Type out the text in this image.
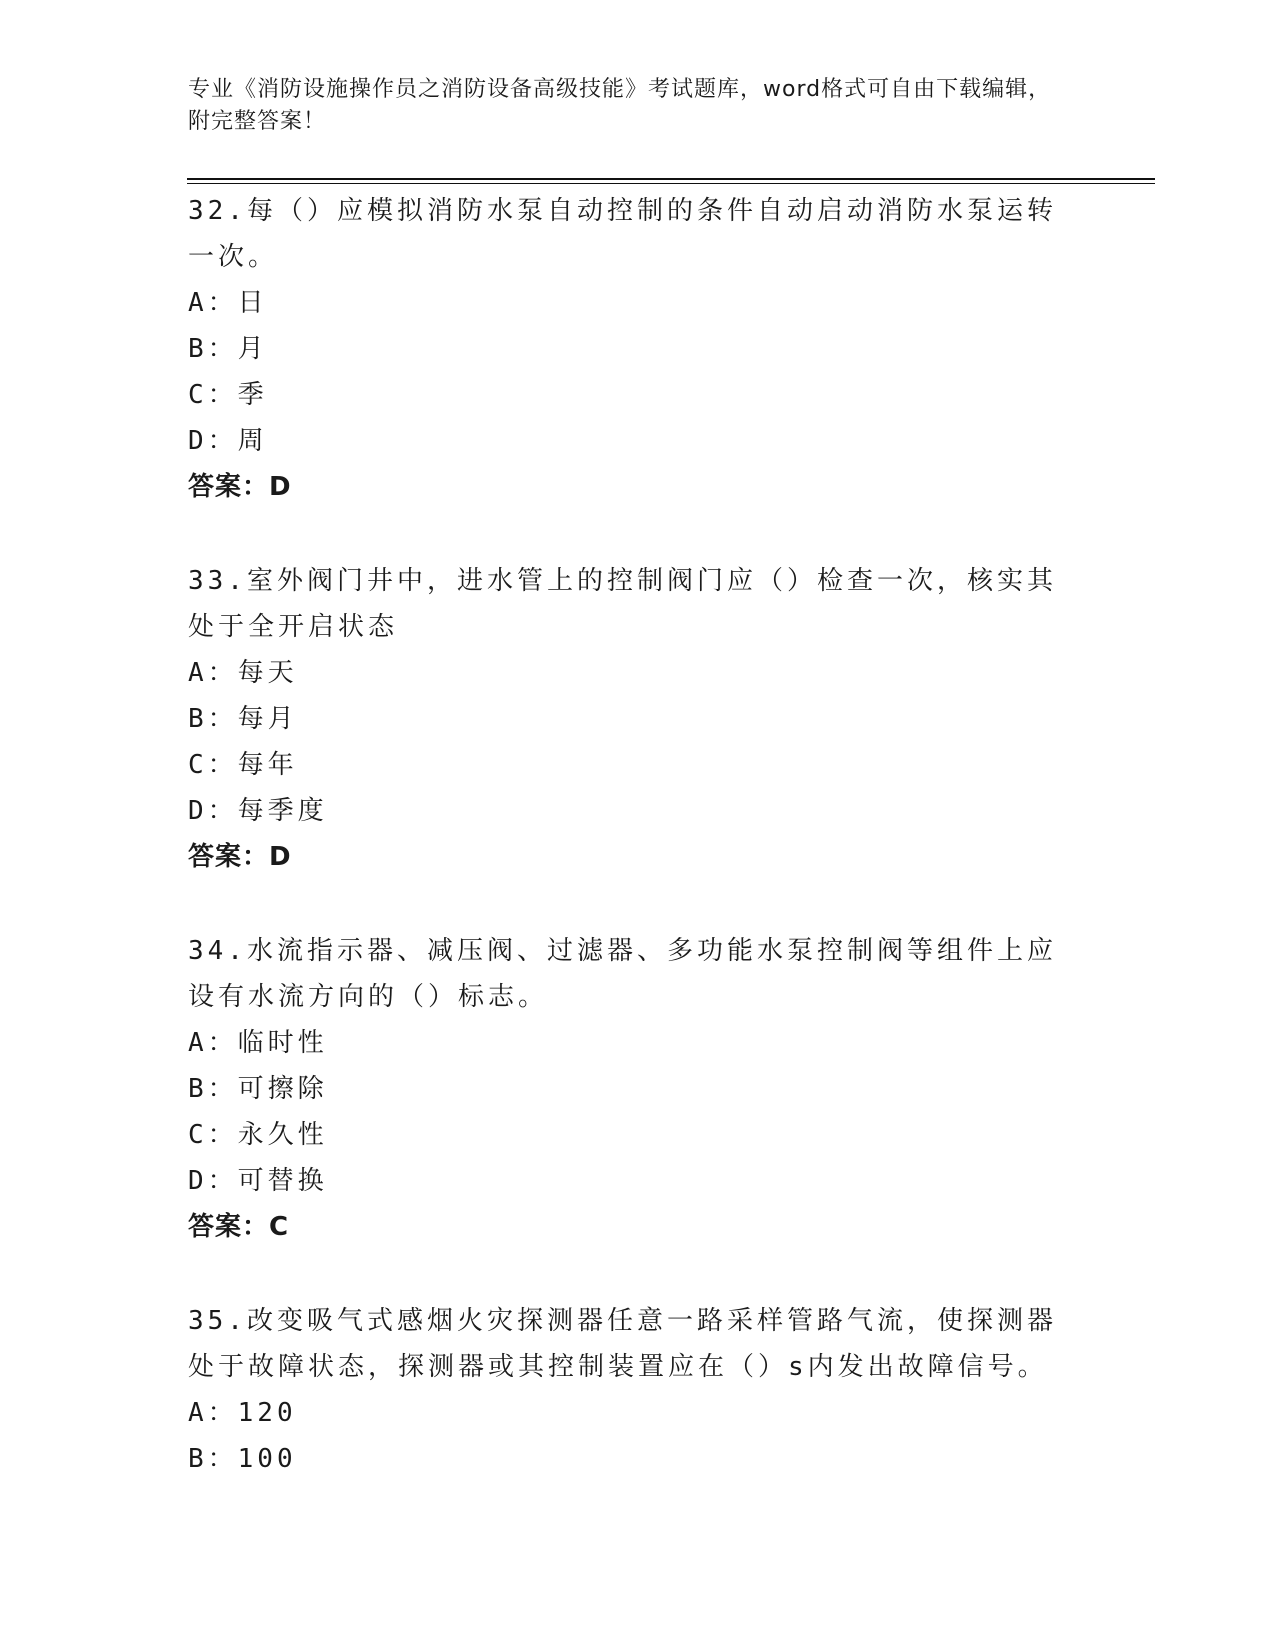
专业《消防设施操作员之消防设备高级技能》考试题库，word格式可自由下载编辑，附完整答案！
32.每（）应模拟消防水泵自动控制的条件自动启动消防水泵运转一次。
A：日
B：月
C：季
D：周
答案：D
33.室外阀门井中，进水管上的控制阀门应（）检查一次，核实其处于全开启状态
A：每天
B：每月
C：每年
D：每季度
答案：D
34.水流指示器、减压阀、过滤器、多功能水泵控制阀等组件上应设有水流方向的（）标志。
A：临时性
B：可擦除
C：永久性
D：可替换
答案：C
35.改变吸气式感烟火灾探测器任意一路采样管路气流，使探测器处于故障状态，探测器或其控制装置应在（）s内发出故障信号。
A：120
B：100
